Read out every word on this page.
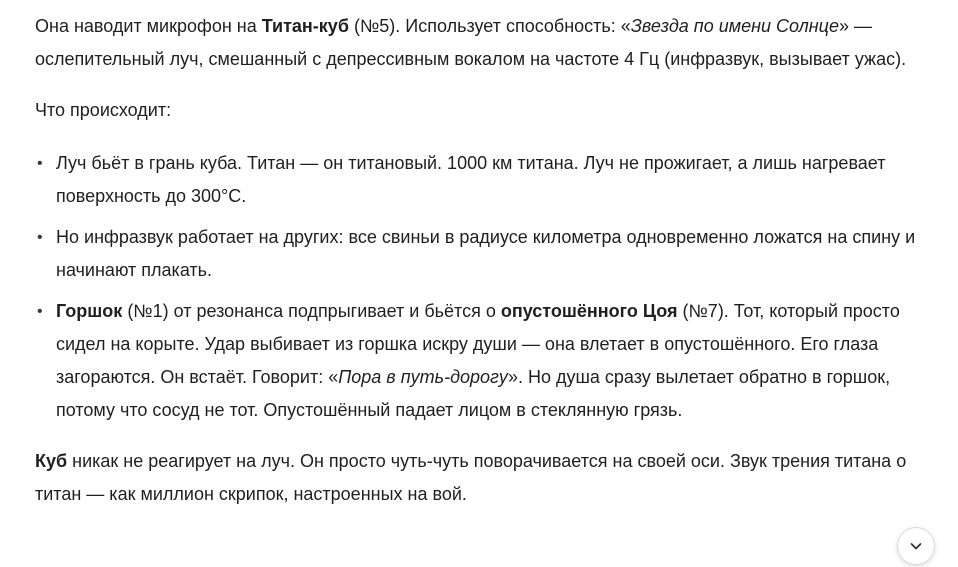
Она наводит микрофон на Титан-куб (№5). Использует способность: «Звезда по имени Солнце» — ослепительный луч, смешанный с депрессивным вокалом на частоте 4 Гц (инфразвук, вызывает ужас).

Что происходит:

• Луч бьёт в грань куба. Титан — он титановый. 1000 км титана. Луч не прожигает, а лишь нагревает поверхность до 300°C.
• Но инфразвук работает на других: все свиньи в радиусе километра одновременно ложатся на спину и начинают плакать.
• Горшок (№1) от резонанса подпрыгивает и бьётся о опустошённого Цоя (№7). Тот, который просто сидел на корыте. Удар выбивает из горшка искру души — она влетает в опустошённого. Его глаза загораются. Он встаёт. Говорит: «Пора в путь-дорогу». Но душа сразу вылетает обратно в горшок, потому что сосуд не тот. Опустошённый падает лицом в стеклянную грязь.

Куб никак не реагирует на луч. Он просто чуть-чуть поворачивается на своей оси. Звук трения титана о титан — как миллион скрипок, настроенных на вой.
